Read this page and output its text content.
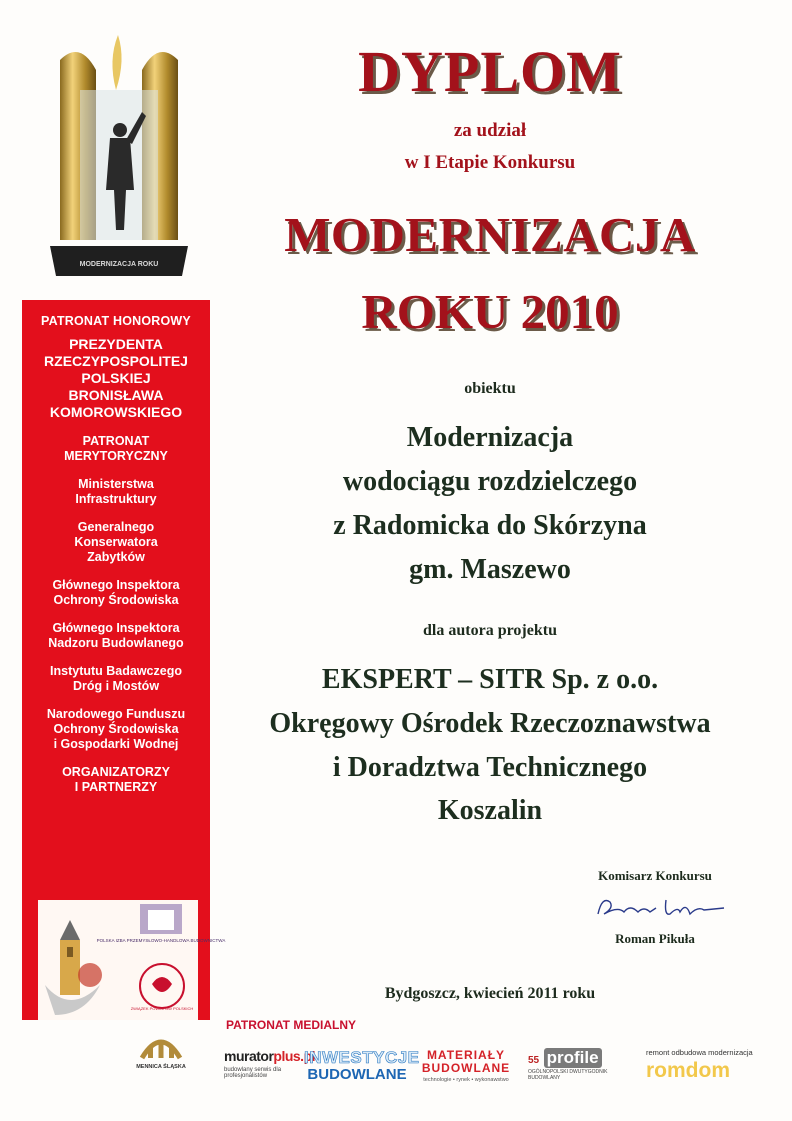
MODERNIZACJA ROKU

PATRONAT HONOROWY

PREZYDENTA
RZECZYPOSPOLITEJ
POLSKIEJ
BRONISŁAWA
KOMOROWSKIEGO
PATRONAT
MERYTORYCZNY
Ministerstwa
Infrastruktury
Generalnego
Konserwatora
Zabytków
Głównego Inspektora
Ochrony Środowiska
Głównego Inspektora
Nadzoru Budowlanego
Instytutu Badawczego
Dróg i Mostów
Narodowego Funduszu
Ochrony Środowiska
i Gospodarki Wodnej
ORGANIZATORZY
I PARTNERZY
POLSKA IZBA PRZEMYSŁOWO-HANDLOWA BUDOWNICTWA
ZWIĄZEK POWIATÓW POLSKICH
MENNICA ŚLĄSKA
DYPLOM
za udział
w I Etapie Konkursu
MODERNIZACJA
ROKU 2010
obiektu
Modernizacja
wodociągu rozdzielczego
z Radomicka do Skórzyna
gm. Maszewo
dla autora projektu
EKSPERT – SITR Sp. z o.o.
Okręgowy Ośrodek Rzeczoznawstwa
i Doradztwa Technicznego
Koszalin
Komisarz Konkursu
Roman Pikuła
Bydgoszcz, kwiecień 2011 roku
PATRONAT MEDIALNY
muratorplus.pl
budowlany serwis dla profesjonalistów
INWESTYCJE
BUDOWLANE
MATERIAŁY
BUDOWLANE
technologie • rynek • wykonawstwo
55 profile
OGÓLNOPOLSKI DWUTYGODNIK BUDOWLANY
remont odbudowa modernizacja
romdom
